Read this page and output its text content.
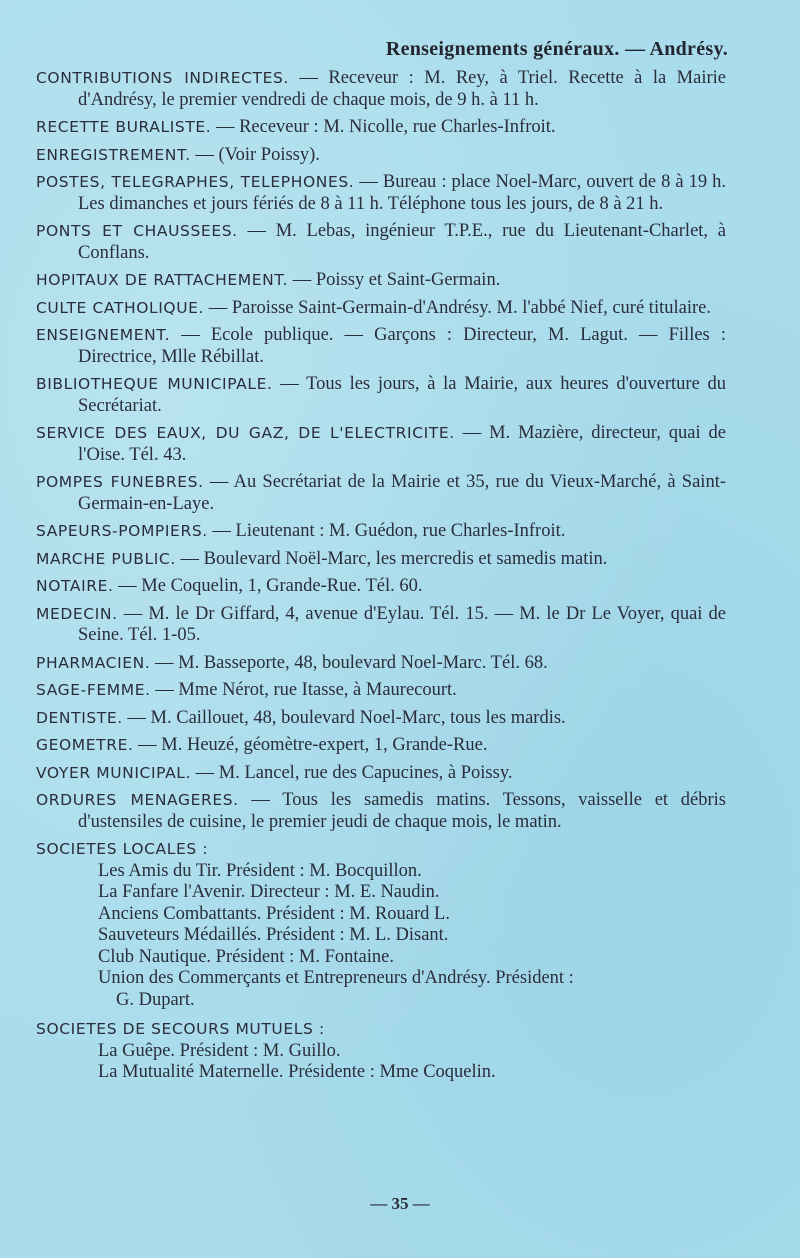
Renseignements généraux. — Andrésy.
CONTRIBUTIONS INDIRECTES. — Receveur : M. Rey, à Triel. Recette à la Mairie d'Andrésy, le premier vendredi de chaque mois, de 9 h. à 11 h.
RECETTE BURALISTE. — Receveur : M. Nicolle, rue Charles-Infroit.
ENREGISTREMENT. — (Voir Poissy).
POSTES, TELEGRAPHES, TELEPHONES. — Bureau : place Noel-Marc, ouvert de 8 à 19 h. Les dimanches et jours fériés de 8 à 11 h. Téléphone tous les jours, de 8 à 21 h.
PONTS ET CHAUSSEES. — M. Lebas, ingénieur T.P.E., rue du Lieutenant-Charlet, à Conflans.
HOPITAUX DE RATTACHEMENT. — Poissy et Saint-Germain.
CULTE CATHOLIQUE. — Paroisse Saint-Germain-d'Andrésy. M. l'abbé Nief, curé titulaire.
ENSEIGNEMENT. — Ecole publique. — Garçons : Directeur, M. Lagut. — Filles : Directrice, Mlle Rébillat.
BIBLIOTHEQUE MUNICIPALE. — Tous les jours, à la Mairie, aux heures d'ouverture du Secrétariat.
SERVICE DES EAUX, DU GAZ, DE L'ELECTRICITE. — M. Mazière, directeur, quai de l'Oise. Tél. 43.
POMPES FUNEBRES. — Au Secrétariat de la Mairie et 35, rue du Vieux-Marché, à Saint-Germain-en-Laye.
SAPEURS-POMPIERS. — Lieutenant : M. Guédon, rue Charles-Infroit.
MARCHE PUBLIC. — Boulevard Noël-Marc, les mercredis et samedis matin.
NOTAIRE. — Me Coquelin, 1, Grande-Rue. Tél. 60.
MEDECIN. — M. le Dr Giffard, 4, avenue d'Eylau. Tél. 15. — M. le Dr Le Voyer, quai de Seine. Tél. 1-05.
PHARMACIEN. — M. Basseporte, 48, boulevard Noel-Marc. Tél. 68.
SAGE-FEMME. — Mme Nérot, rue Itasse, à Maurecourt.
DENTISTE. — M. Caillouet, 48, boulevard Noel-Marc, tous les mardis.
GEOMETRE. — M. Heuzé, géomètre-expert, 1, Grande-Rue.
VOYER MUNICIPAL. — M. Lancel, rue des Capucines, à Poissy.
ORDURES MENAGERES. — Tous les samedis matins. Tessons, vaisselle et débris d'ustensiles de cuisine, le premier jeudi de chaque mois, le matin.
SOCIETES LOCALES :
Les Amis du Tir. Président : M. Bocquillon.
La Fanfare l'Avenir. Directeur : M. E. Naudin.
Anciens Combattants. Président : M. Rouard L.
Sauveteurs Médaillés. Président : M. L. Disant.
Club Nautique. Président : M. Fontaine.
Union des Commerçants et Entrepreneurs d'Andrésy. Président :
G. Dupart.
SOCIETES DE SECOURS MUTUELS :
La Guêpe. Président : M. Guillo.
La Mutualité Maternelle. Présidente : Mme Coquelin.
— 35 —
